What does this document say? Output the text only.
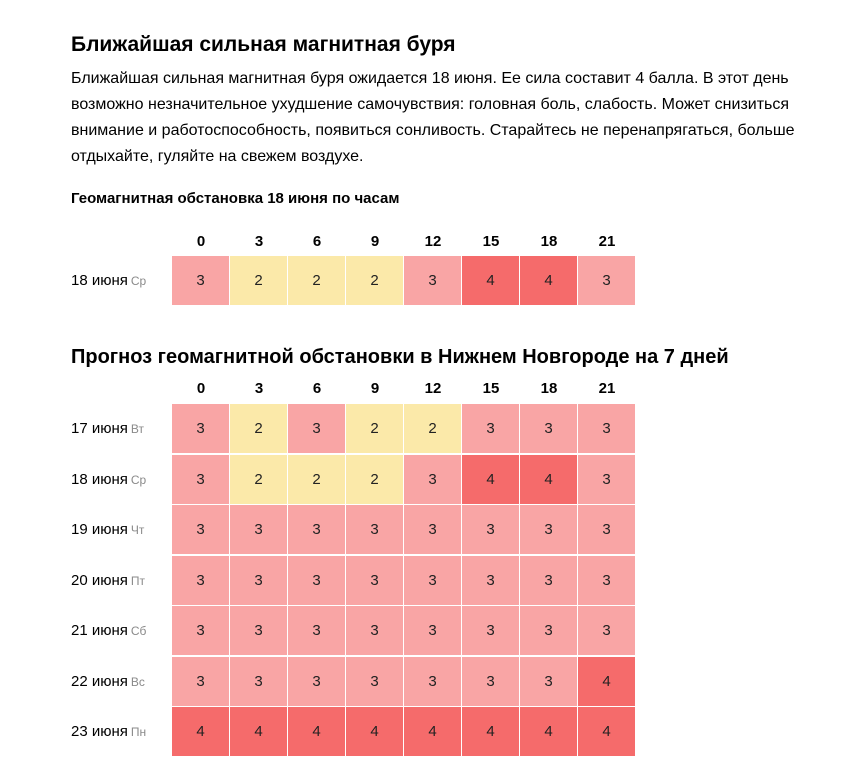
Ближайшая сильная магнитная буря

Ближайшая сильная магнитная буря ожидается 18 июня. Ее сила составит 4 балла. В этот день
возможно незначительное ухудшение самочувствия: головная боль, слабость. Может снизиться
внимание и работоспособность, появиться сонливость. Старайтесь не перенапрягаться, больше
отдыхайте, гуляйте на свежем воздухе.

Геомагнитная обстановка 18 июня по часам
0	3	6	9	12	15	18	21
18 июня Ср	3	2	2	2	3	4	4	3
Прогноз геомагнитной обстановки в Нижнем Новгороде на 7 дней
0	3	6	9	12	15	18	21
17 июня Вт	3	2	3	2	2	3	3	3
18 июня Ср	3	2	2	2	3	4	4	3
19 июня Чт	3	3	3	3	3	3	3	3
20 июня Пт	3	3	3	3	3	3	3	3
21 июня Сб	3	3	3	3	3	3	3	3
22 июня Вс	3	3	3	3	3	3	3	4
23 июня Пн	4	4	4	4	4	4	4	4
